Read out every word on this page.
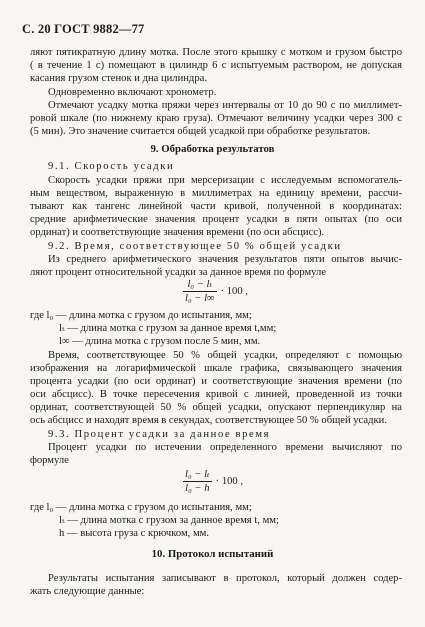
С. 20 ГОСТ 9882—77
ляют пятикратную длину мотка. После этого крышку с мотком и грузом быстро
( в течение 1 с) помещают в цилиндр 6 с испытуемым раствором, не допуская
касания грузом стенок и дна цилиндра.
Одновременно включают хронометр.
Отмечают усадку мотка пряжи через интервалы от 10 до 90 с по миллимет-
ровой шкале (по нижнему краю груза). Отмечают величину усадки через 300 с
(5 мин). Это значение считается общей усадкой при обработке результатов.
9. Обработка результатов
9.1. Скорость усадки
Скорость усадки пряжи при мерсеризации с исследуемым вспомогатель-
ным веществом, выраженную в миллиметрах на единицу времени, рассчи-
тывают как тангенс линейной части кривой, полученной в координатах:
средние арифметические значения процент усадки в пяти опытах (по оси
ординат) и соответствующие значения времени (по оси абсцисс).
9.2. Время, соответствующее 50 % общей усадки
Из среднего арифметического значения результатов пяти опытов вычис-
ляют процент относительной усадки за данное время по формуле
$\frac{\text{l₀ − lₜ}}{\text{l₀ − l∞}} \cdot 100$ ,
где l₀ — длина мотка с грузом до испытания, мм;
lₜ — длина мотка с грузом за данное время t,мм;
l∞ — длина мотка с грузом после 5 мин, мм.
Время, соответствующее 50 % общей усадки, определяют с помощью
изображения на логарифмической шкале графика, связывающего значения
процента усадки (по оси ординат) и соответствующие значения времени (по
оси абсцисс). В точке пересечения кривой с линией, проведенной из точки
ординат, соответствующей 50 % общей усадки, опускают перпендикуляр на
ось абсцисс и находят время в секундах, соответствующее 50 % общей усадки.
9.3. Процент усадки за данное время
Процент усадки по истечении определенного времени вычисляют по
формуле
$\frac{\text{l₀ − lₜ}}{\text{l₀ − h}} \cdot 100$ ,
где l₀ — длина мотка с грузом до испытания, мм;
lₜ — длина мотка с грузом за данное время t, мм;
h — высота груза с крючком, мм.
10. Протокол испытаний
Результаты испытания записывают в протокол, который должен содер-
жать следующие данные:
